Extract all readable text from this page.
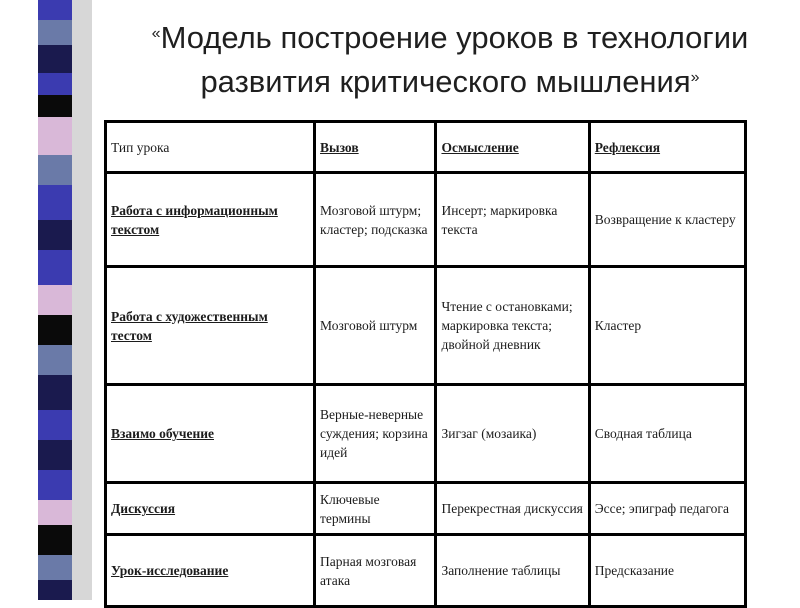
«Модель построение уроков в технологии развития критического мышления»
Тип урока	Вызов	Осмысление	Рефлексия
Работа с информационным текстом	Мозговой штурм; кластер; подсказка	Инсерт; маркировка текста	Возвращение к кластеру
Работа с художественным тестом	Мозговой штурм	Чтение с остановками; маркировка текста; двойной дневник	Кластер
Взаимо обучение	Верные-неверные суждения; корзина идей	Зигзаг (мозаика)	Сводная таблица
Дискуссия	Ключевые термины	Перекрестная дискуссия	Эссе; эпиграф педагога
Урок-исследование	Парная мозговая атака	Заполнение таблицы	Предсказание
